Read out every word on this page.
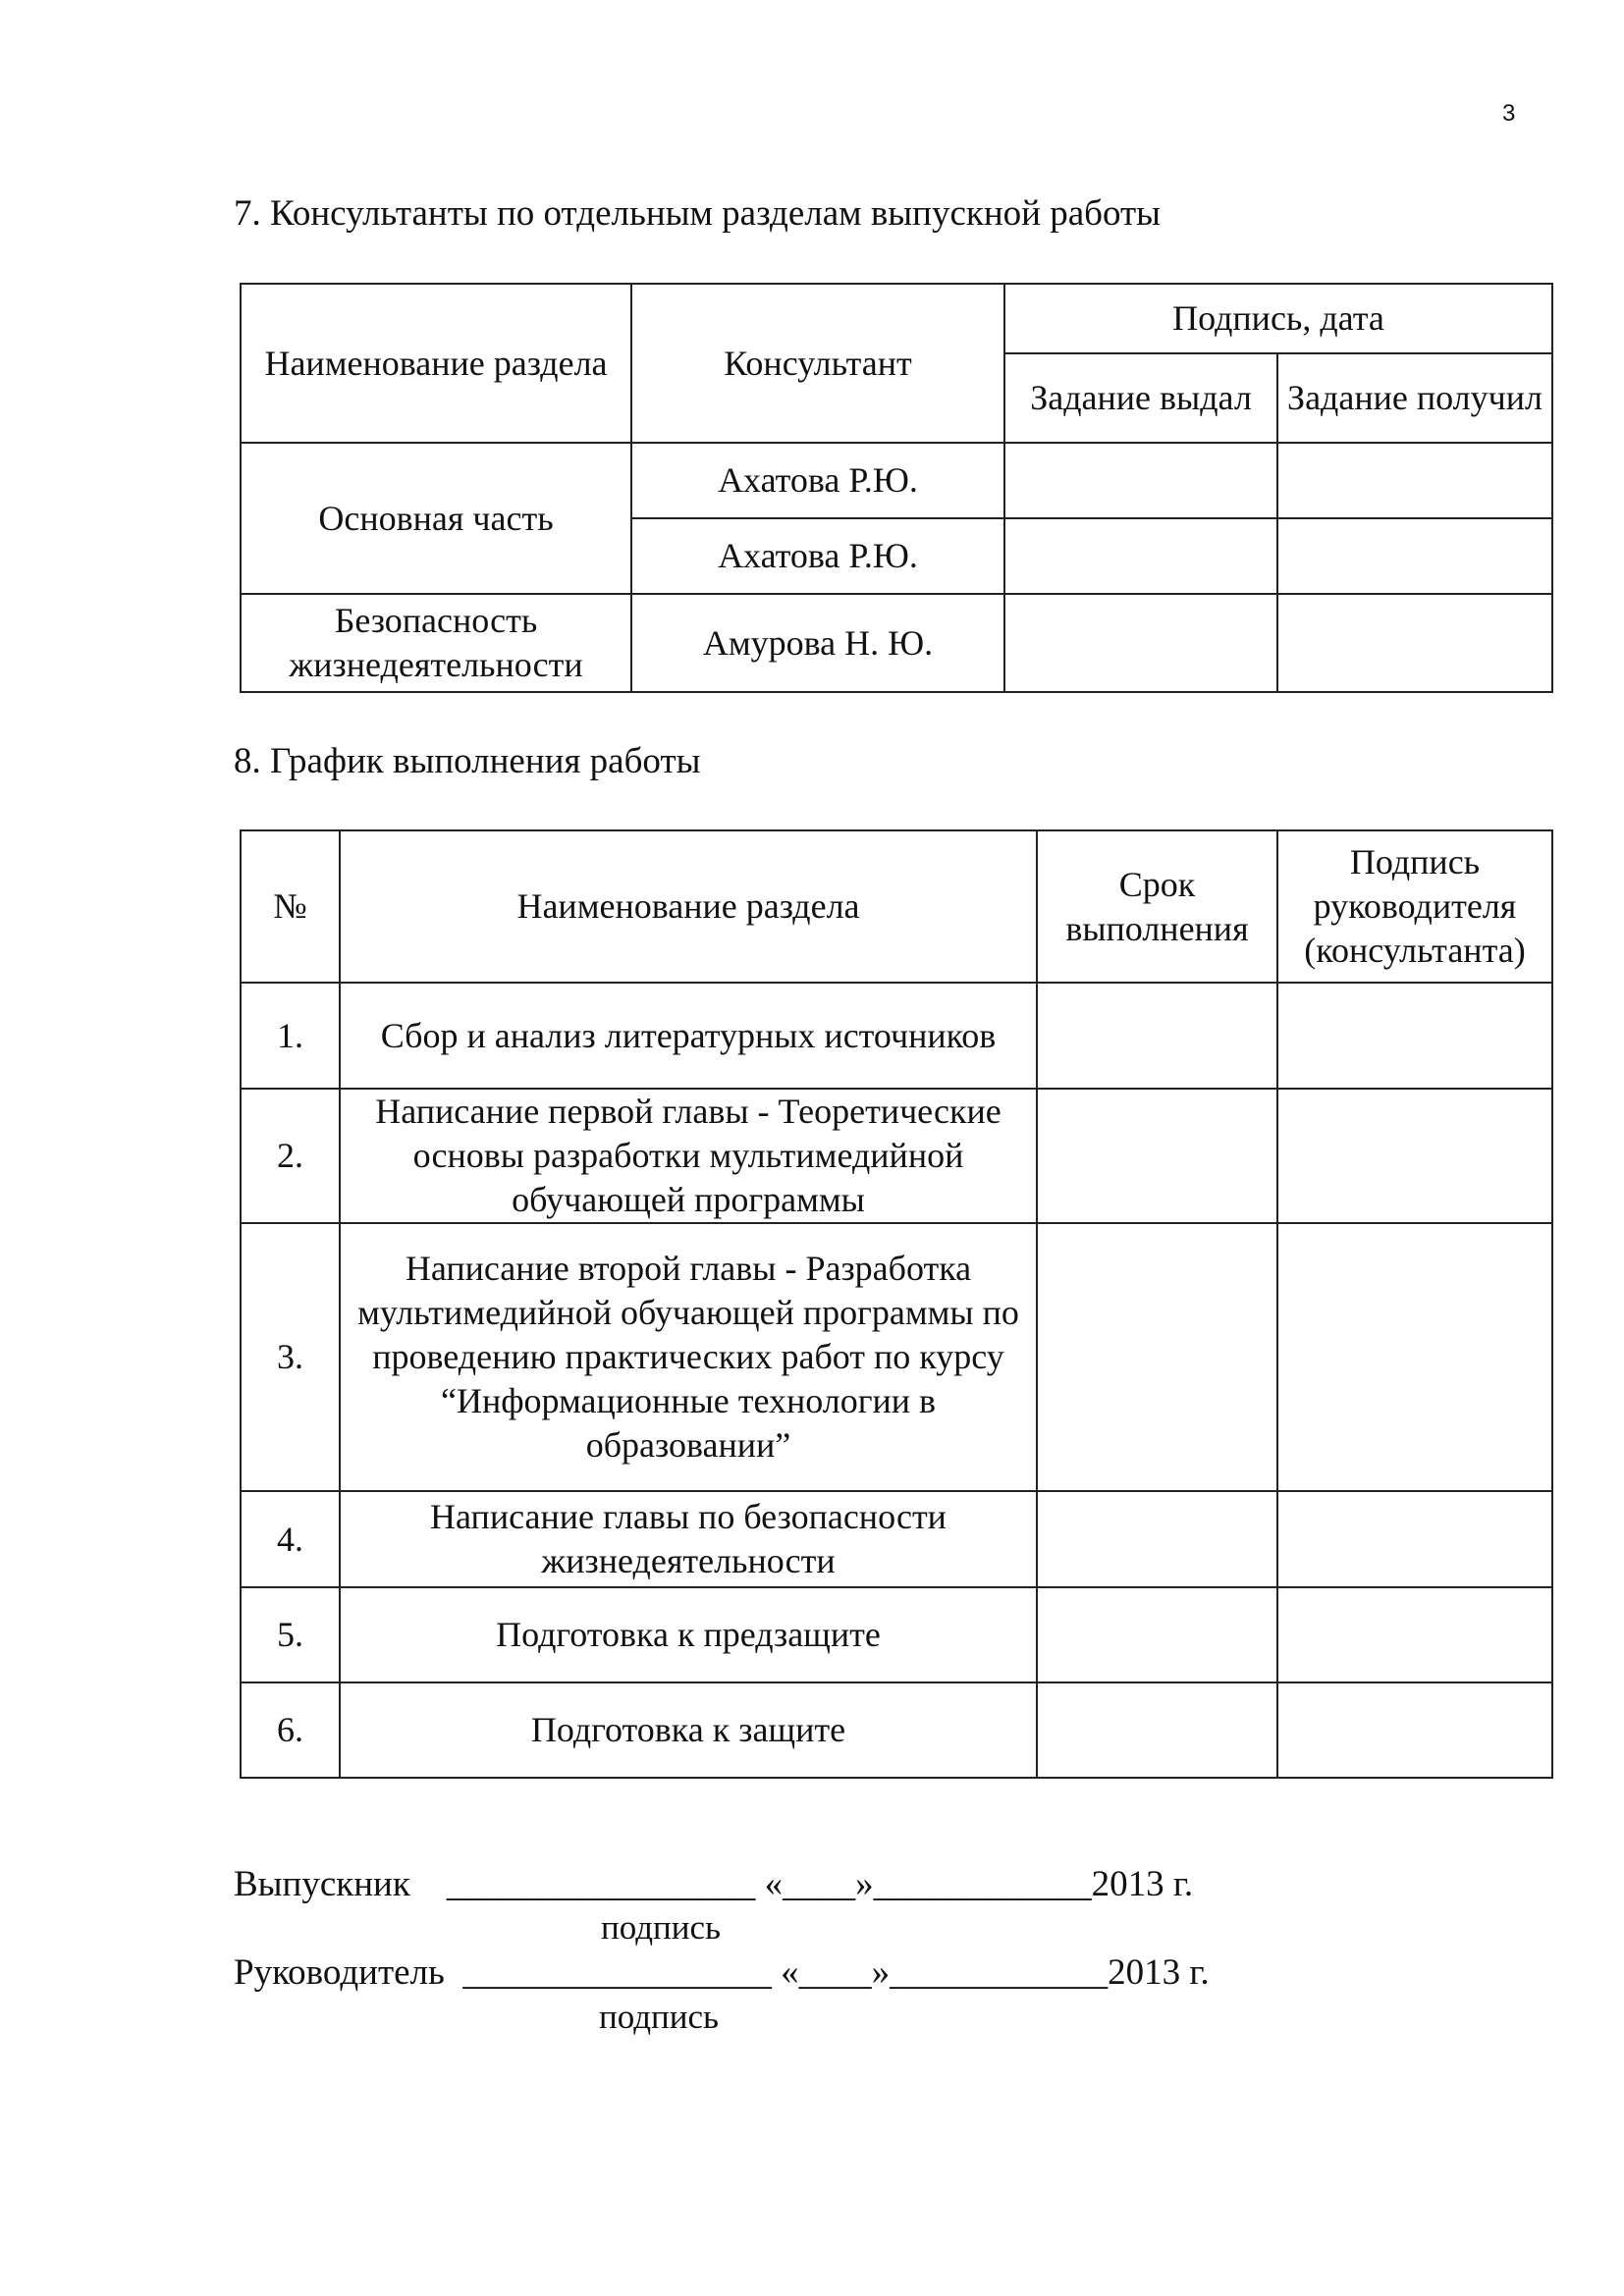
3
7. Консультанты по отдельным разделам выпускной работы
Наименование раздела	Консультант	Подпись, дата	
		Задание выдал	Задание получил
Основная часть	Ахатова Р.Ю.		
	Ахатова Р.Ю.		
Безопасность жизнедеятельности	Амурова Н. Ю.		
8. График выполнения работы
№	Наименование раздела	Срок выполнения	Подпись руководителя (консультанта)
1.	Сбор и анализ литературных источников		
2.	Написание первой главы - Теоретические основы разработки мультимедийной обучающей программы		
3.	Написание второй главы - Разработка мультимедийной обучающей программы по проведению практических работ по курсу “Информационные технологии в образовании”		
4.	Написание главы по безопасности жизнедеятельности		
5.	Подготовка к предзащите		
6.	Подготовка к защите		
Выпускник    _________________ «____»____________2013 г.
подпись
Руководитель  _________________ «____»____________2013 г.
подпись
